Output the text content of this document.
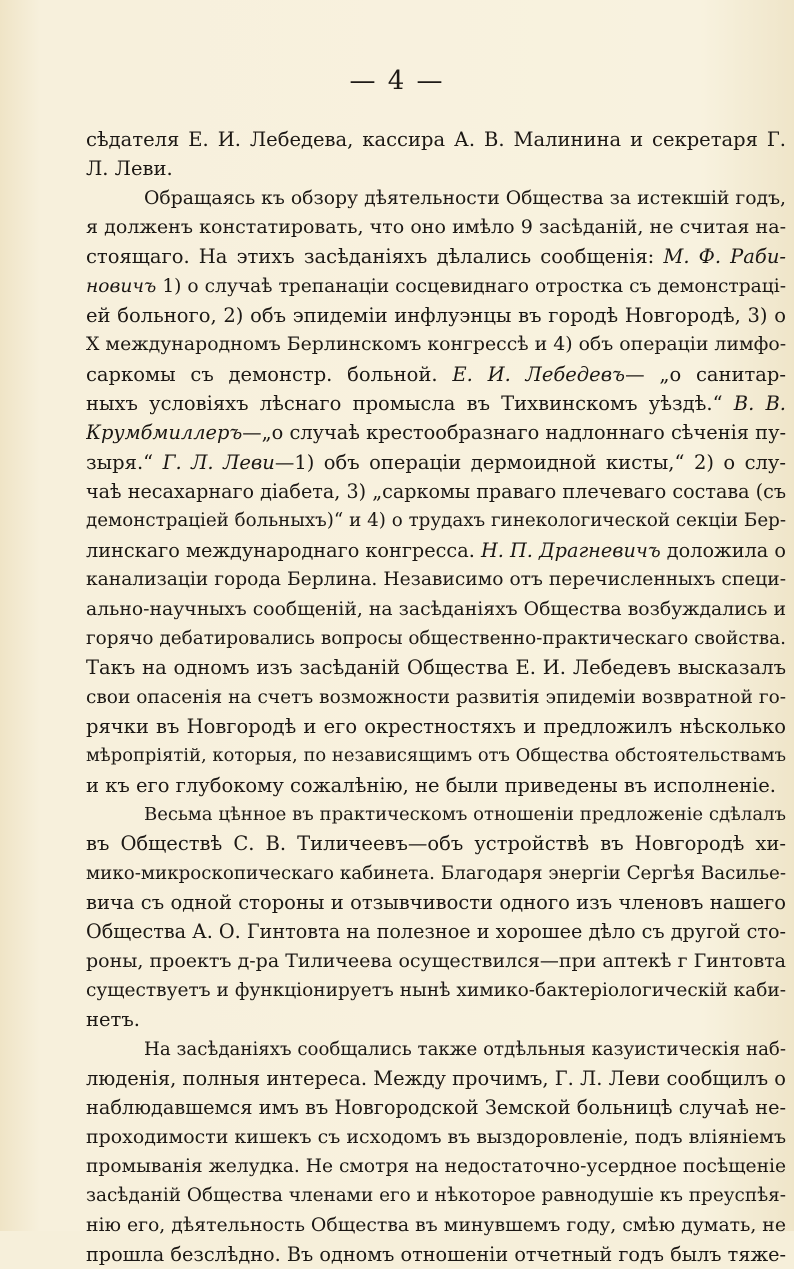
— 4 —
сѣдателя Е. И. Лебедева, кассира А. В. Малинина и секретаря Г.
Л. Леви.
Обращаясь къ обзору дѣятельности Общества за истекшій годъ,
я долженъ констатировать, что оно имѣло 9 засѣданій, не считая на-
стоящаго. На этихъ засѣданіяхъ дѣлались сообщенія: М. Ф. Раби-
новичъ 1) о случаѣ трепанаціи сосцевиднаго отростка съ демонстраці-
ей больного, 2) объ эпидеміи инфлуэнцы въ городѣ Новгородѣ, 3) о
X международномъ Берлинскомъ конгрессѣ и 4) объ операціи лимфо-
саркомы съ демонстр. больной. Е. И. Лебедевъ— „о санитар-
ныхъ условіяхъ лѣснаго промысла въ Тихвинскомъ уѣздѣ.“ В. В.
Крумбмиллеръ—„о случаѣ крестообразнаго надлоннаго сѣченія пу-
зыря.“ Г. Л. Леви—1) объ операціи дермоидной кисты,“ 2) о слу-
чаѣ несахарнаго діабета, 3) „саркомы праваго плечеваго состава (съ
демонстраціей больныхъ)“ и 4) о трудахъ гинекологической секціи Бер-
линскаго международнаго конгресса. Н. П. Драгневичъ доложила о
канализаціи города Берлина. Независимо отъ перечисленныхъ специ-
ально-научныхъ сообщеній, на засѣданіяхъ Общества возбуждались и
горячо дебатировались вопросы общественно-практическаго свойства.
Такъ на одномъ изъ засѣданій Общества Е. И. Лебедевъ высказалъ
свои опасенія на счетъ возможности развитія эпидеміи возвратной го-
рячки въ Новгородѣ и его окрестностяхъ и предложилъ нѣсколько
мѣропріятій, которыя, по независящимъ отъ Общества обстоятельствамъ
и къ его глубокому сожалѣнію, не были приведены въ исполненіе.
Весьма цѣнное въ практическомъ отношеніи предложеніе сдѣлалъ
въ Обществѣ С. В. Тиличеевъ—объ устройствѣ въ Новгородѣ хи-
мико-микроскопическаго кабинета. Благодаря энергіи Сергѣя Василье-
вича съ одной стороны и отзывчивости одного изъ членовъ нашего
Общества А. О. Гинтовта на полезное и хорошее дѣло съ другой сто-
роны, проектъ д-ра Тиличеева осуществился—при аптекѣ г Гинтовта
существуетъ и функціонируетъ нынѣ химико-бактеріологическій каби-
нетъ.
На засѣданіяхъ сообщались также отдѣльныя казуистическія наб-
люденія, полныя интереса. Между прочимъ, Г. Л. Леви сообщилъ о
наблюдавшемся имъ въ Новгородской Земской больницѣ случаѣ не-
проходимости кишекъ съ исходомъ въ выздоровленіе, подъ вліяніемъ
промыванія желудка. Не смотря на недостаточно-усердное посѣщеніе
засѣданій Общества членами его и нѣкоторое равнодушіе къ преуспѣя-
нію его, дѣятельность Общества въ минувшемъ году, смѣю думать, не
прошла безслѣдно. Въ одномъ отношеніи отчетный годъ былъ тяже-
